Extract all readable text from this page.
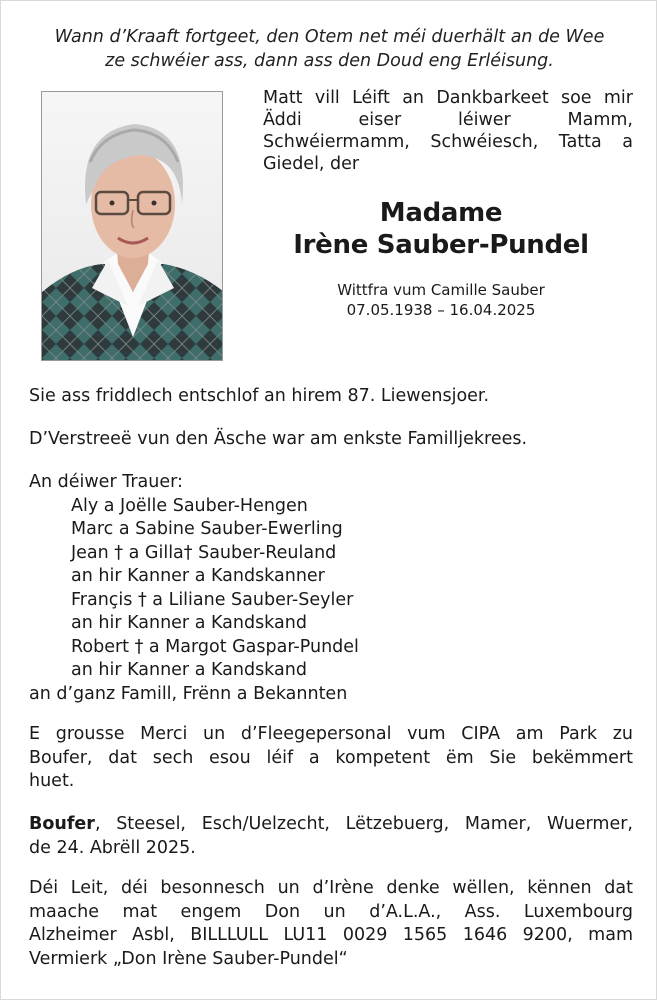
Wann d’Kraaft fortgeet, den Otem net méi duerhält an de Wee
ze schwéier ass, dann ass den Doud eng Erléisung.
Matt vill Léift an Dankbarkeet soe mir
Äddi eiser léiwer Mamm,
Schwéiermamm, Schwéiesch, Tatta a
Giedel, der
Madame
Irène Sauber-Pundel
Wittfra vum Camille Sauber
07.05.1938 – 16.04.2025
Sie ass friddlech entschlof an hirem 87. Liewensjoer.
D’Verstreeë vun den Äsche war am enkste Familljekrees.
An déiwer Trauer:
Aly a Joëlle Sauber-Hengen
Marc a Sabine Sauber-Ewerling
Jean † a Gilla† Sauber-Reuland
an hir Kanner a Kandskanner
Françis † a Liliane Sauber-Seyler
an hir Kanner a Kandskand
Robert † a Margot Gaspar-Pundel
an hir Kanner a Kandskand
an d’ganz Famill, Frënn a Bekannten
E grousse Merci un d’Fleegepersonal vum CIPA am Park zu
Boufer, dat sech esou léif a kompetent ëm Sie bekëmmert
huet.
Boufer, Steesel, Esch/Uelzecht, Lëtzebuerg, Mamer, Wuermer,
de 24. Abrëll 2025.
Déi Leit, déi besonnesch un d’Irène denke wëllen, kënnen dat
maache mat engem Don un d’A.L.A., Ass. Luxembourg
Alzheimer Asbl, BILLLULL LU11 0029 1565 1646 9200, mam
Vermierk „Don Irène Sauber-Pundel“
